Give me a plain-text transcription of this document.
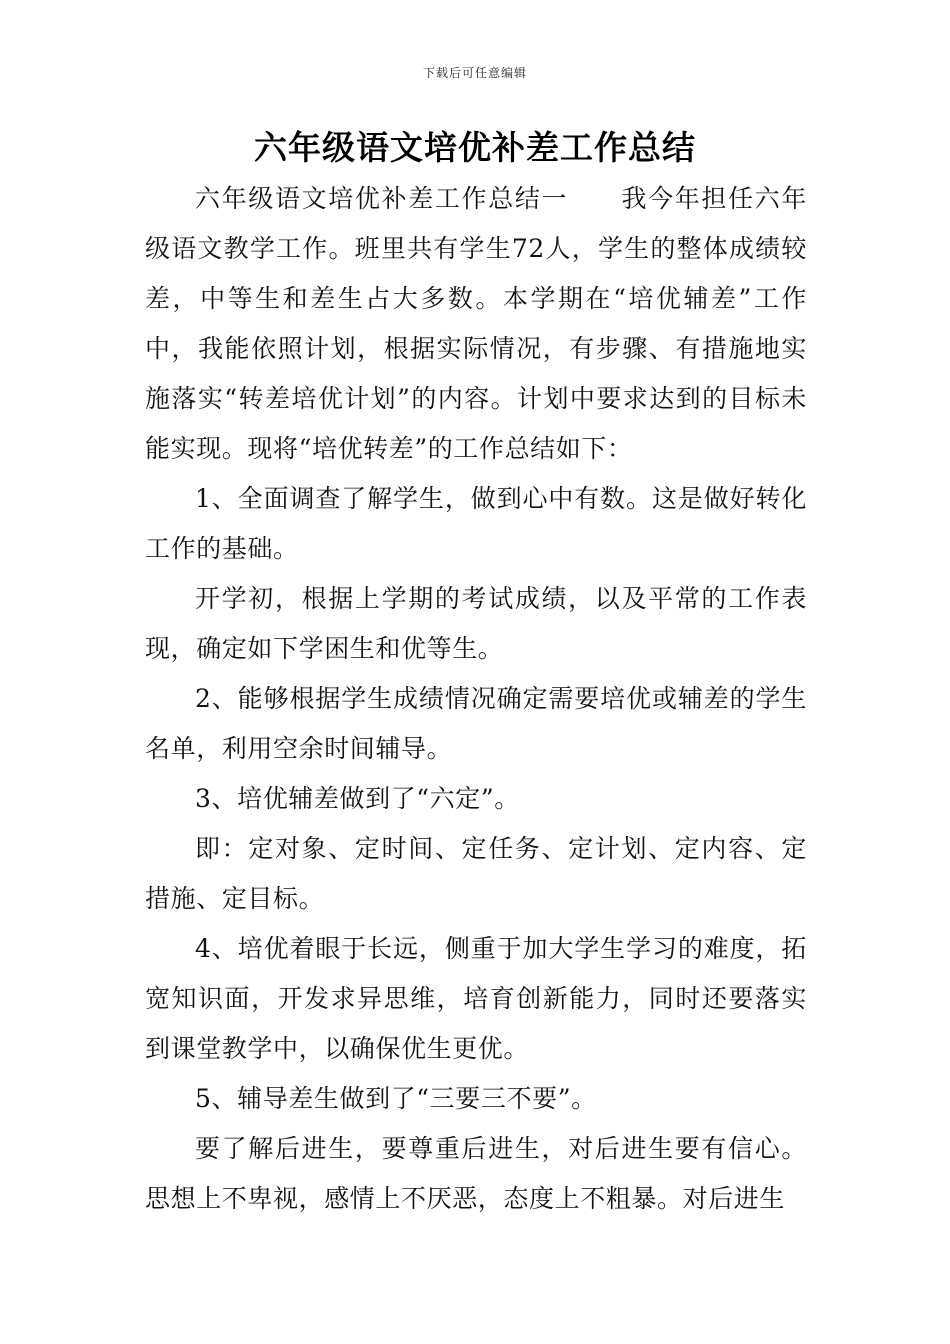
下载后可任意编辑
六年级语文培优补差工作总结

六年级语文培优补差工作总结一　　我今年担任六年级语文教学工作。班里共有学生72人，学生的整体成绩较差，中等生和差生占大多数。本学期在“培优辅差”工作中，我能依照计划，根据实际情况，有步骤、有措施地实施落实“转差培优计划”的内容。计划中要求达到的目标未能实现。现将“培优转差”的工作总结如下：

1、全面调查了解学生，做到心中有数。这是做好转化工作的基础。

开学初，根据上学期的考试成绩，以及平常的工作表现，确定如下学困生和优等生。

2、能够根据学生成绩情况确定需要培优或辅差的学生名单，利用空余时间辅导。

3、培优辅差做到了“六定”。

即：定对象、定时间、定任务、定计划、定内容、定措施、定目标。

4、培优着眼于长远，侧重于加大学生学习的难度，拓宽知识面，开发求异思维，培育创新能力，同时还要落实到课堂教学中，以确保优生更优。

5、辅导差生做到了“三要三不要”。

要了解后进生，要尊重后进生，对后进生要有信心。思想上不卑视，感情上不厌恶，态度上不粗暴。对后进生
